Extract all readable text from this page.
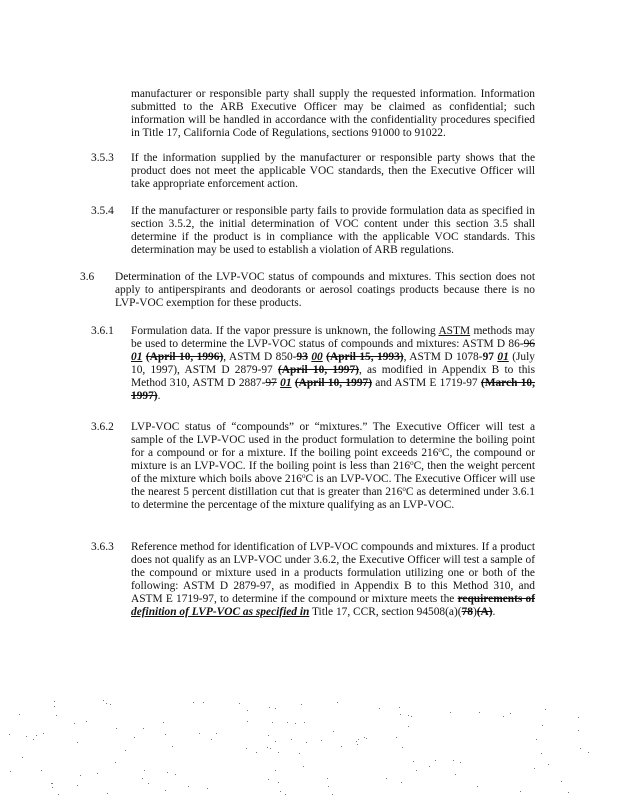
manufacturer or responsible party shall supply the requested information. Information submitted to the ARB Executive Officer may be claimed as confidential; such information will be handled in accordance with the confidentiality procedures specified in Title 17, California Code of Regulations, sections 91000 to 91022.

3.5.3 If the information supplied by the manufacturer or responsible party shows that the product does not meet the applicable VOC standards, then the Executive Officer will take appropriate enforcement action.

3.5.4 If the manufacturer or responsible party fails to provide formulation data as specified in section 3.5.2, the initial determination of VOC content under this section 3.5 shall determine if the product is in compliance with the applicable VOC standards. This determination may be used to establish a violation of ARB regulations.

3.6 Determination of the LVP-VOC status of compounds and mixtures. This section does not apply to antiperspirants and deodorants or aerosol coatings products because there is no LVP-VOC exemption for these products.

3.6.1 Formulation data. If the vapor pressure is unknown, the following ASTM methods may be used to determine the LVP-VOC status of compounds and mixtures: ASTM D 86-96 01 (April 10, 1996), ASTM D 850-93 00 (April 15, 1993), ASTM D 1078-97 01 (July 10, 1997), ASTM D 2879-97 (April 10, 1997), as modified in Appendix B to this Method 310, ASTM D 2887-97 01 (April 10, 1997) and ASTM E 1719-97 (March 10, 1997).

3.6.2 LVP-VOC status of “compounds” or “mixtures.” The Executive Officer will test a sample of the LVP-VOC used in the product formulation to determine the boiling point for a compound or for a mixture. If the boiling point exceeds 216$^o$C, the compound or mixture is an LVP-VOC. If the boiling point is less than 216$^o$C, then the weight percent of the mixture which boils above 216$^o$C is an LVP-VOC. The Executive Officer will use the nearest 5 percent distillation cut that is greater than 216$^o$C as determined under 3.6.1 to determine the percentage of the mixture qualifying as an LVP-VOC.

3.6.3 Reference method for identification of LVP-VOC compounds and mixtures. If a product does not qualify as an LVP-VOC under 3.6.2, the Executive Officer will test a sample of the compound or mixture used in a products formulation utilizing one or both of the following: ASTM D 2879-97, as modified in Appendix B to this Method 310, and ASTM E 1719-97, to determine if the compound or mixture meets the requirements of definition of LVP-VOC as specified in Title 17, CCR, section 94508(a)(78)(A).
